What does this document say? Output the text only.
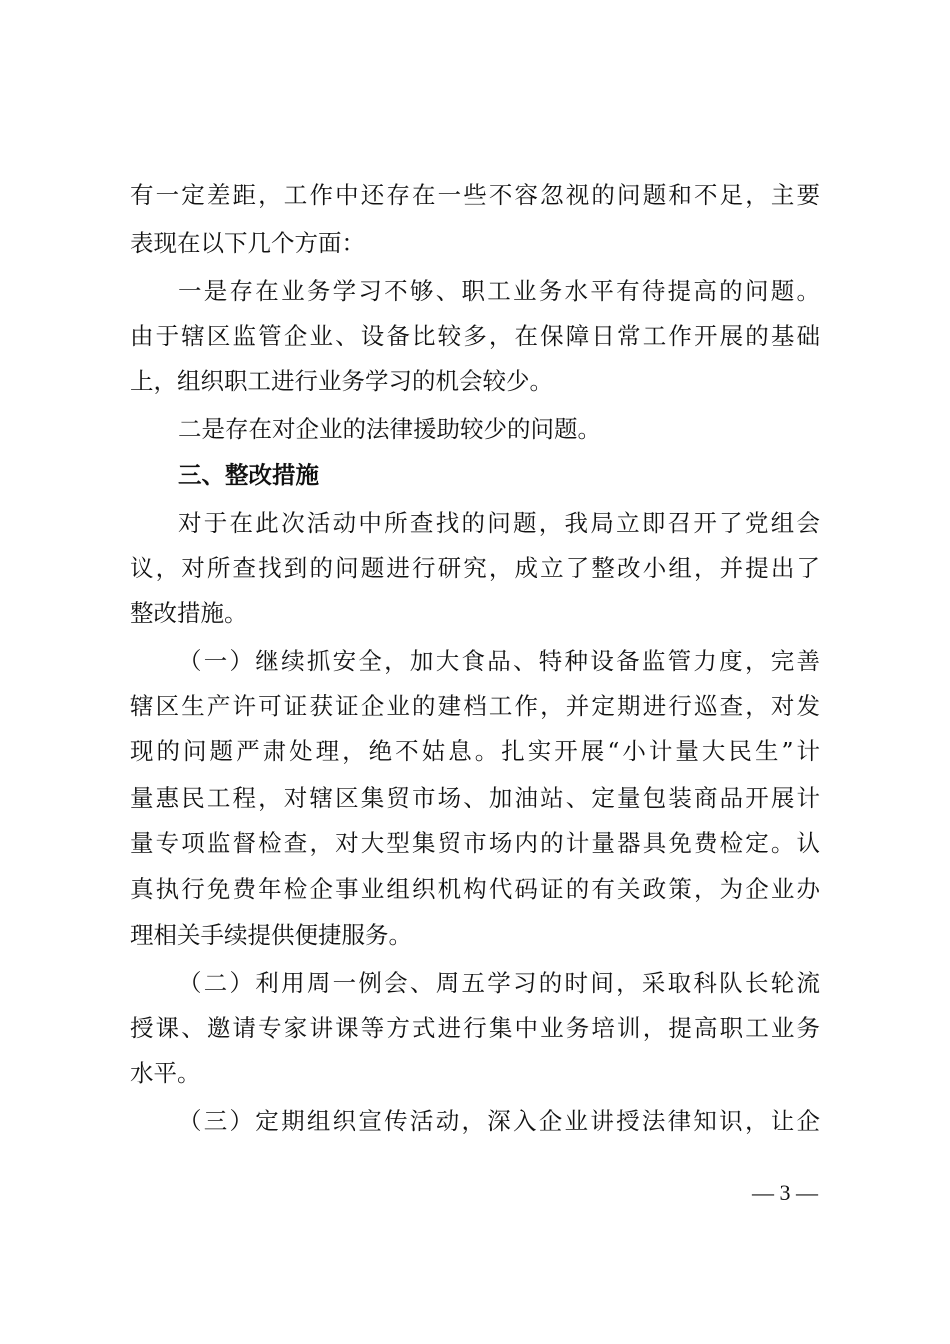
有一定差距，工作中还存在一些不容忽视的问题和不足，主要
表现在以下几个方面：
一是存在业务学习不够、职工业务水平有待提高的问题。
由于辖区监管企业、设备比较多，在保障日常工作开展的基础
上，组织职工进行业务学习的机会较少。
二是存在对企业的法律援助较少的问题。
三、整改措施
对于在此次活动中所查找的问题，我局立即召开了党组会
议，对所查找到的问题进行研究，成立了整改小组，并提出了
整改措施。
（一）继续抓安全，加大食品、特种设备监管力度，完善
辖区生产许可证获证企业的建档工作，并定期进行巡查，对发
现的问题严肃处理，绝不姑息。扎实开展“小计量大民生”计
量惠民工程，对辖区集贸市场、加油站、定量包装商品开展计
量专项监督检查，对大型集贸市场内的计量器具免费检定。认
真执行免费年检企事业组织机构代码证的有关政策，为企业办
理相关手续提供便捷服务。
（二）利用周一例会、周五学习的时间，采取科队长轮流
授课、邀请专家讲课等方式进行集中业务培训，提高职工业务
水平。
（三）定期组织宣传活动，深入企业讲授法律知识，让企
— 3 —
